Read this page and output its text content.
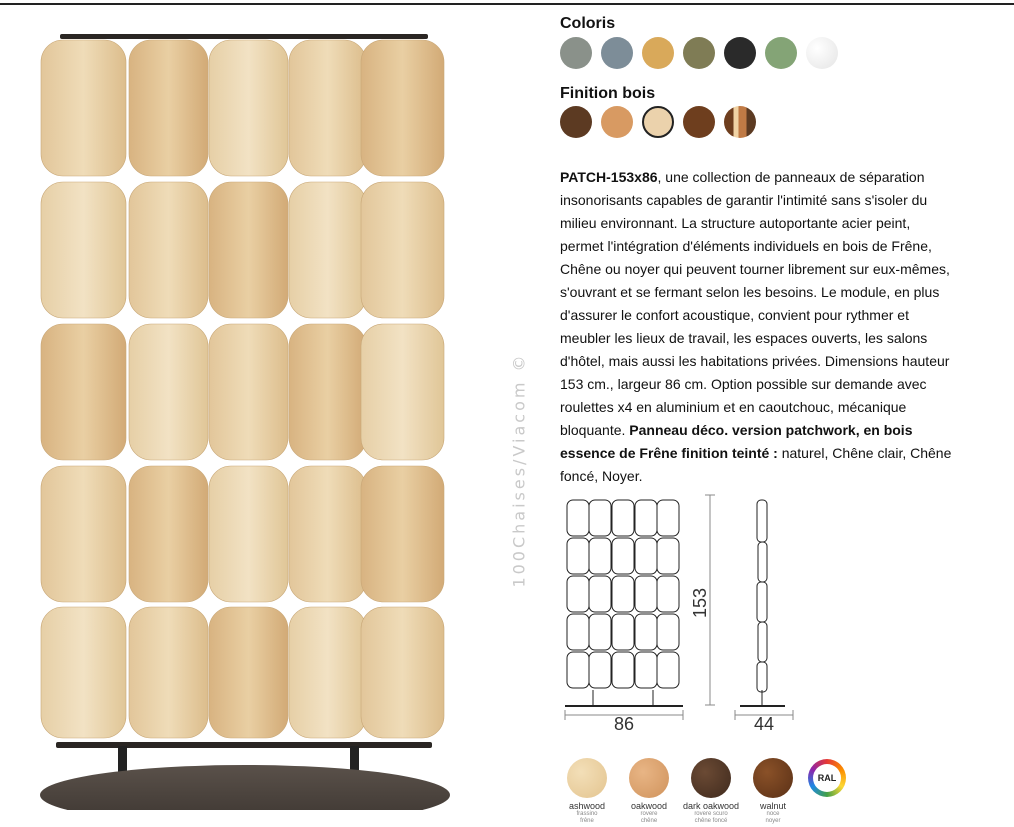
100Chaises/Viacom ©
Coloris
Finition bois
PATCH-153x86, une collection de panneaux de séparation insonorisants capables de garantir l'intimité sans s'isoler du milieu environnant. La structure autoportante acier peint, permet l'intégration d'éléments individuels en bois de Frêne, Chêne ou noyer qui peuvent tourner librement sur eux-mêmes, s'ouvrant et se fermant selon les besoins. Le module, en plus d'assurer le confort acoustique, convient pour rythmer et meubler les lieux de travail, les espaces ouverts, les salons d'hôtel, mais aussi les habitations privées. Dimensions hauteur 153 cm., largeur 86 cm. Option possible sur demande avec roulettes x4 en aluminium et en caoutchouc, mécanique bloquante. Panneau déco. version patchwork, en bois essence de Frêne finition teinté : naturel, Chêne clair, Chêne foncé, Noyer.
153
86	44
ashwood
frassino
frêne
oakwood
rovere
chêne
dark oakwood
rovere scuro
chêne foncé
walnut
noce
noyer
RAL
